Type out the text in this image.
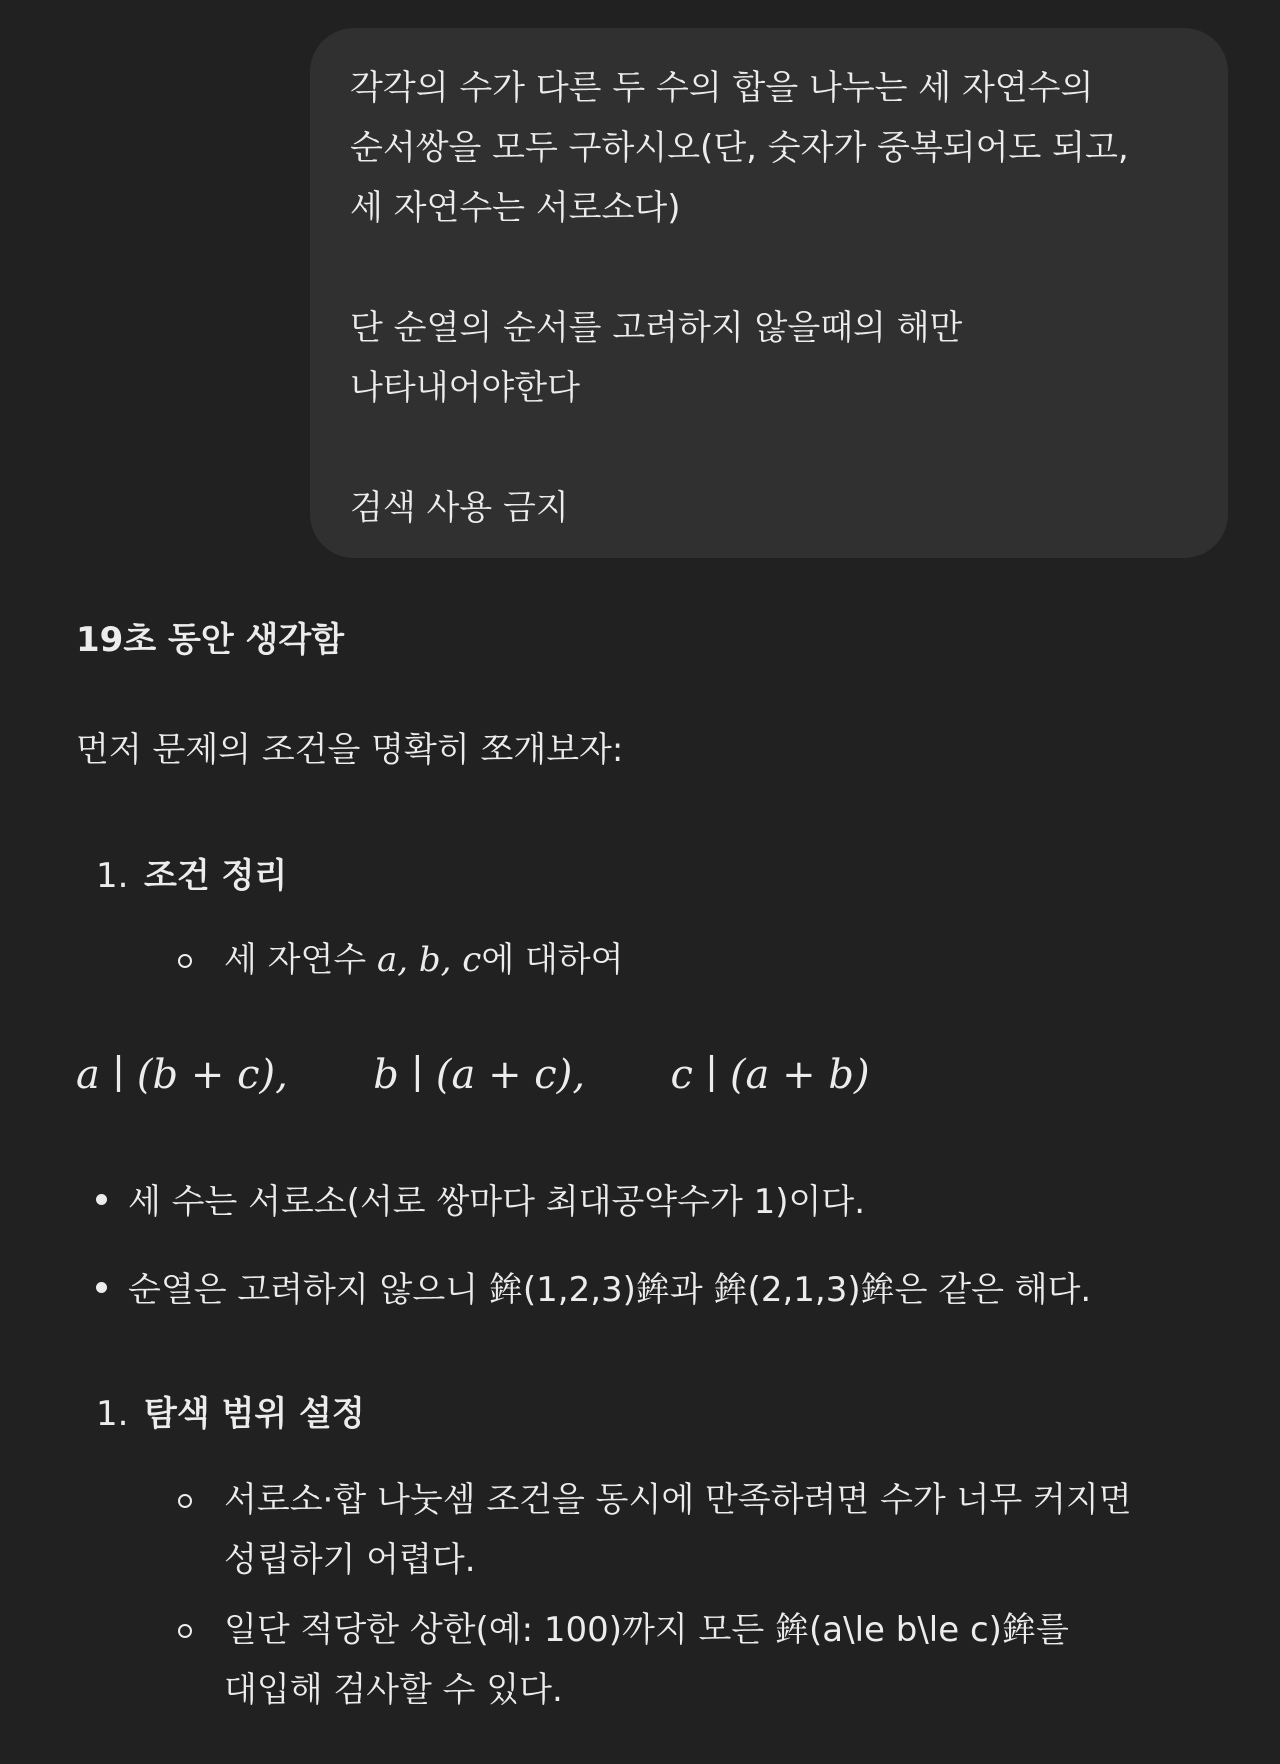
각각의 수가 다른 두 수의 합을 나누는 세 자연수의
순서쌍을 모두 구하시오(단, 숫자가 중복되어도 되고,
세 자연수는 서로소다)
단 순열의 순서를 고려하지 않을때의 해만
나타내어야한다
검색 사용 금지
19초 동안 생각함
먼저 문제의 조건을 명확히 쪼개보자:
1. 조건 정리
세 자연수 a, b, c에 대하여
a ∣ (b + c), b ∣ (a + c), c ∣ (a + b)
세 수는 서로소(서로 쌍마다 최대공약수가 1)이다.
순열은 고려하지 않으니 鉾(1,2,3)鉾과 鉾(2,1,3)鉾은 같은 해다.
1. 탐색 범위 설정
서로소·합 나눗셈 조건을 동시에 만족하려면 수가 너무 커지면
성립하기 어렵다.
일단 적당한 상한(예: 100)까지 모든 鉾(a\le b\le c)鉾를
대입해 검사할 수 있다.
